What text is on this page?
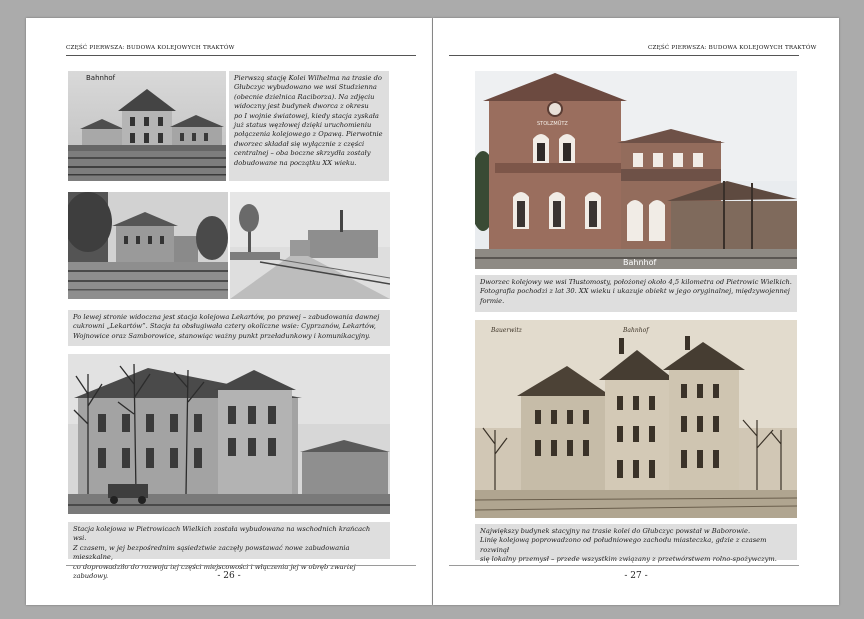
CZĘŚĆ PIERWSZA: BUDOWA KOLEJOWYCH TRAKTÓW
Bahnhof	Pierwszą stację Kolei Wilhelma na trasie do
Głubczyc wybudowano we wsi Studzienna
(obecnie dzielnica Raciborza). Na zdjęciu
widoczny jest budynek dworca z okresu
po I wojnie światowej, kiedy stacja zyskała
już status węzłowej dzięki uruchomieniu
połączenia kolejowego z Opawą. Pierwotnie
dworzec składał się wyłącznie z części
centralnej – oba boczne skrzydła zostały
dobudowane na początku XX wieku.
Po lewej stronie widoczna jest stacja kolejowa Lekartów, po prawej – zabudowania dawnej
cukrowni „Lekartów”. Stacja ta obsługiwała cztery okoliczne wsie: Cyprzanów, Lekartów,
Wojnowice oraz Samborowice, stanowiąc ważny punkt przeładunkowy i komunikacyjny.
Stacja kolejowa w Pietrowicach Wielkich została wybudowana na wschodnich krańcach wsi.
Z czasem, w jej bezpośrednim sąsiedztwie zaczęły powstawać nowe zabudowania mieszkalne,
co doprowadziło do rozwoju tej części miejscowości i włączenia jej w obręb zwartej zabudowy.	- 26 -
CZĘŚĆ PIERWSZA: BUDOWA KOLEJOWYCH TRAKTÓW
STOLZMÜTZ
Bahnhof
Dworzec kolejowy we wsi Tłustomosty, położonej około 4,5 kilometra od Pietrowic Wielkich.
Fotografia pochodzi z lat 30. XX wieku i ukazuje obiekt w jego oryginalnej, międzywojennej
formie.
Bauerwitz	Bahnhof
Największy budynek stacyjny na trasie kolei do Głubczyc powstał w Baborowie.
Linię kolejową poprowadzono od południowego zachodu miasteczka, gdzie z czasem rozwinął
się lokalny przemysł – przede wszystkim związany z przetwórstwem rolno-spożywczym.
- 27 -
